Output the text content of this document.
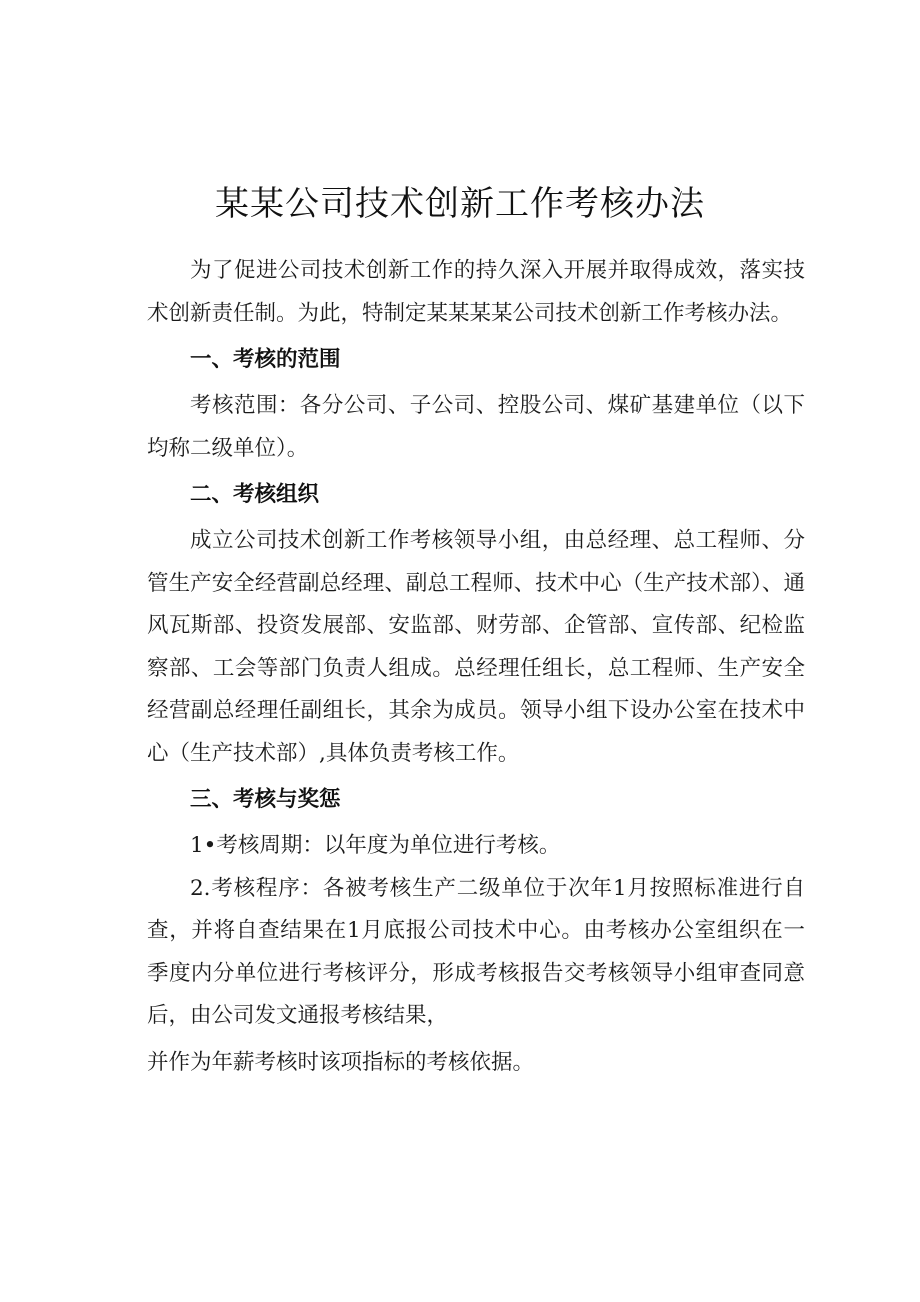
某某公司技术创新工作考核办法

为了促进公司技术创新工作的持久深入开展并取得成效，落实技术创新责任制。为此，特制定某某某某公司技术创新工作考核办法。

一、考核的范围

考核范围：各分公司、子公司、控股公司、煤矿基建单位（以下均称二级单位）。

二、考核组织

成立公司技术创新工作考核领导小组，由总经理、总工程师、分管生产安全经营副总经理、副总工程师、技术中心（生产技术部）、通风瓦斯部、投资发展部、安监部、财劳部、企管部、宣传部、纪检监察部、工会等部门负责人组成。总经理任组长，总工程师、生产安全经营副总经理任副组长，其余为成员。领导小组下设办公室在技术中心（生产技术部）,具体负责考核工作。

三、考核与奖惩

1•考核周期：以年度为单位进行考核。

2.考核程序：各被考核生产二级单位于次年1月按照标准进行自查，并将自查结果在1月底报公司技术中心。由考核办公室组织在一季度内分单位进行考核评分，形成考核报告交考核领导小组审查同意后，由公司发文通报考核结果，

并作为年薪考核时该项指标的考核依据。
